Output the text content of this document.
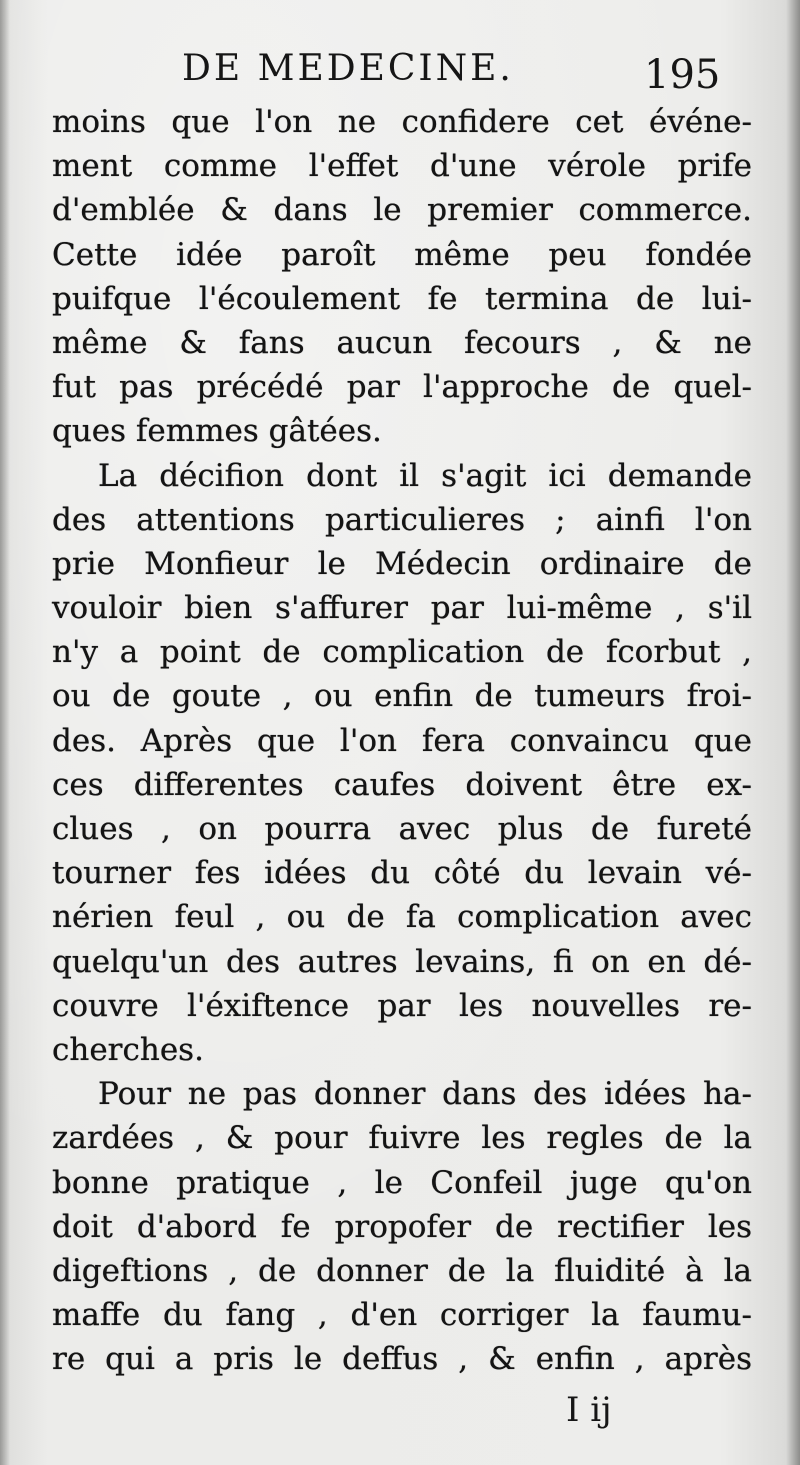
DE MEDECINE.	195
moins que l'on ne confidere cet événe-
ment comme l'effet d'une vérole prife
d'emblée & dans le premier commerce.
Cette idée paroît même peu fondée
puifque l'écoulement fe termina de lui-
même & fans aucun fecours , & ne
fut pas précédé par l'approche de quel-
ques femmes gâtées.
La décifion dont il s'agit ici demande
des attentions particulieres ; ainfi l'on
prie Monfieur le Médecin ordinaire de
vouloir bien s'affurer par lui-même , s'il
n'y a point de complication de fcorbut ,
ou de goute , ou enfin de tumeurs froi-
des. Après que l'on fera convaincu que
ces differentes caufes doivent être ex-
clues , on pourra avec plus de fureté
tourner fes idées du côté du levain vé-
nérien feul , ou de fa complication avec
quelqu'un des autres levains, fi on en dé-
couvre l'éxiftence par les nouvelles re-
cherches.
Pour ne pas donner dans des idées ha-
zardées , & pour fuivre les regles de la
bonne pratique , le Confeil juge qu'on
doit d'abord fe propofer de rectifier les
digeftions , de donner de la fluidité à la
maffe du fang , d'en corriger la faumu-
re qui a pris le deffus , & enfin , après
I ij
